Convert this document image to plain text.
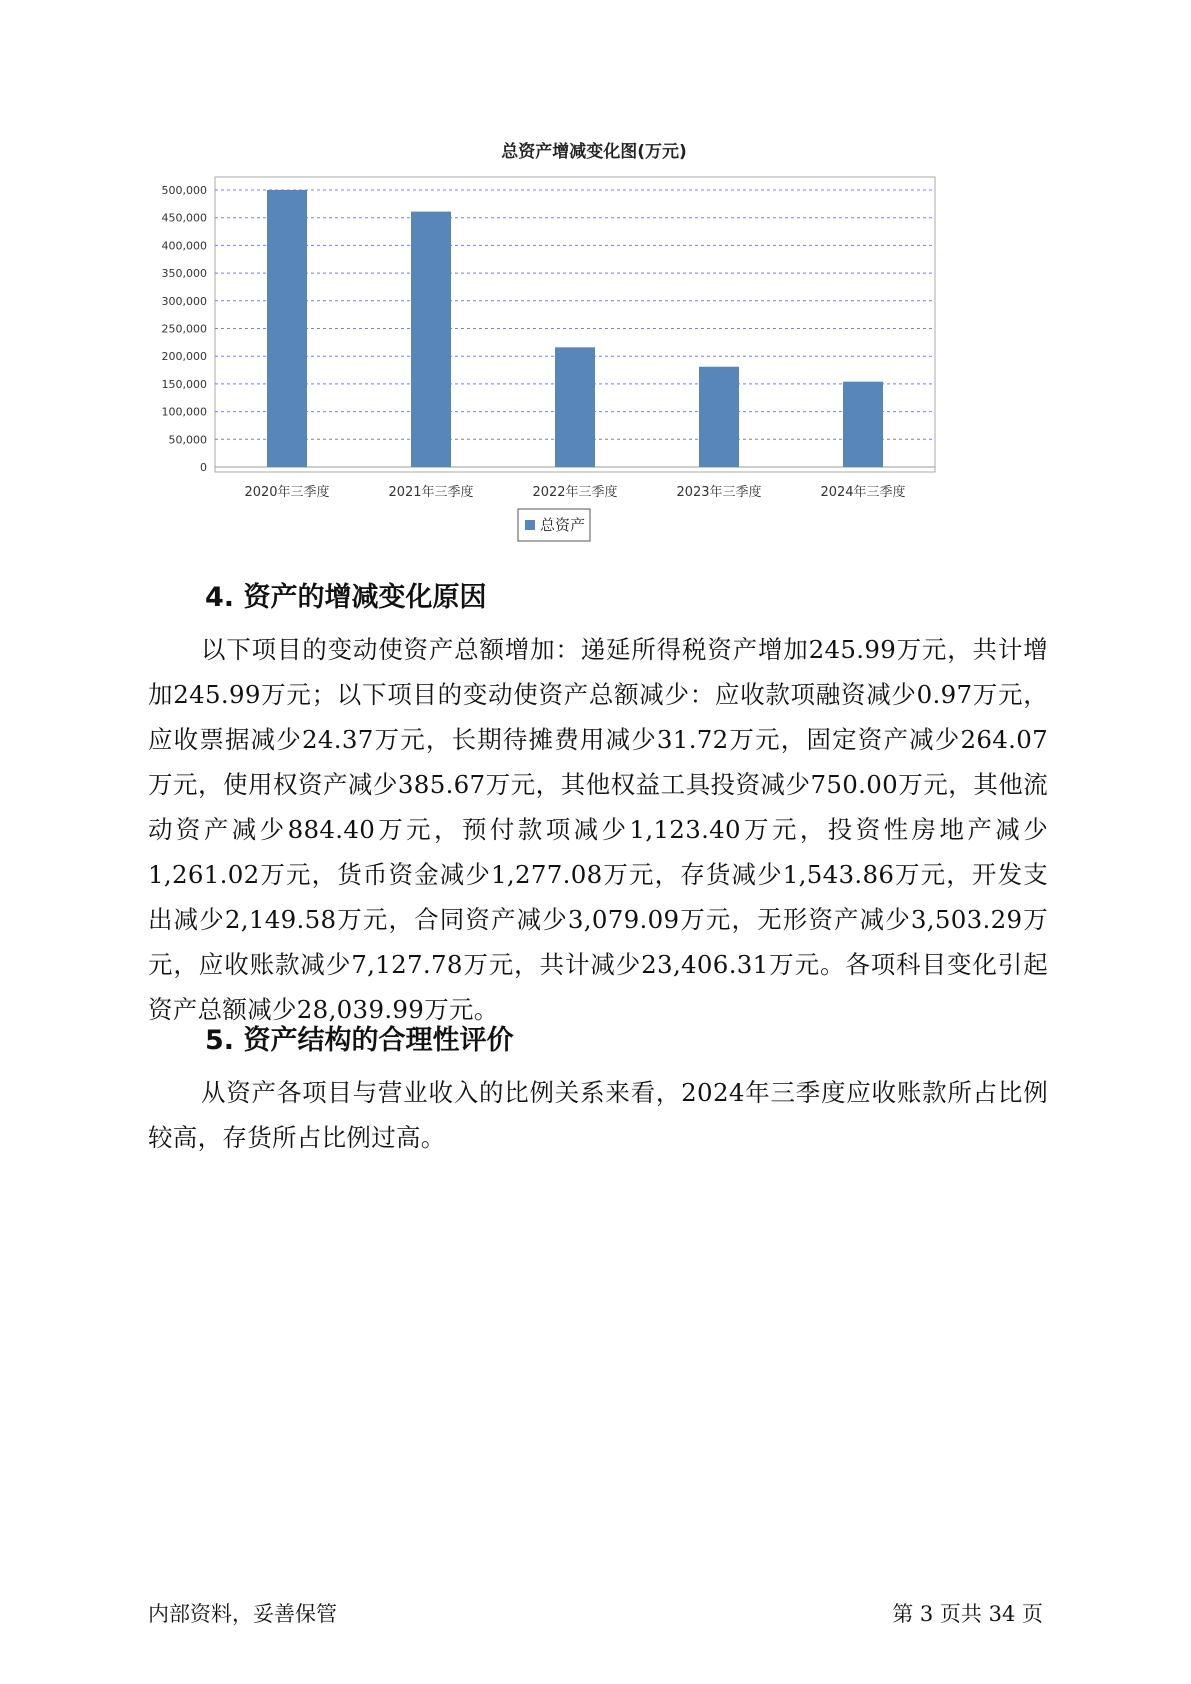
总资产增减变化图(万元)
500,000
450,000
400,000
350,000
300,000
250,000
200,000
150,000
100,000
50,000
0
2020年三季度	2021年三季度	2022年三季度	2023年三季度	2024年三季度
总资产
4. 资产的增减变化原因

以下项目的变动使资产总额增加：递延所得税资产增加245.99万元，共计增加245.99万元；以下项目的变动使资产总额减少：应收款项融资减少0.97万元，应收票据减少24.37万元，长期待摊费用减少31.72万元，固定资产减少264.07万元，使用权资产减少385.67万元，其他权益工具投资减少750.00万元，其他流动资产减少884.40万元，预付款项减少1,123.40万元，投资性房地产减少1,261.02万元，货币资金减少1,277.08万元，存货减少1,543.86万元，开发支出减少2,149.58万元，合同资产减少3,079.09万元，无形资产减少3,503.29万元，应收账款减少7,127.78万元，共计减少23,406.31万元。各项科目变化引起资产总额减少28,039.99万元。

5. 资产结构的合理性评价

从资产各项目与营业收入的比例关系来看，2024年三季度应收账款所占比例较高，存货所占比例过高。

内部资料，妥善保管	第 3 页共 34 页
